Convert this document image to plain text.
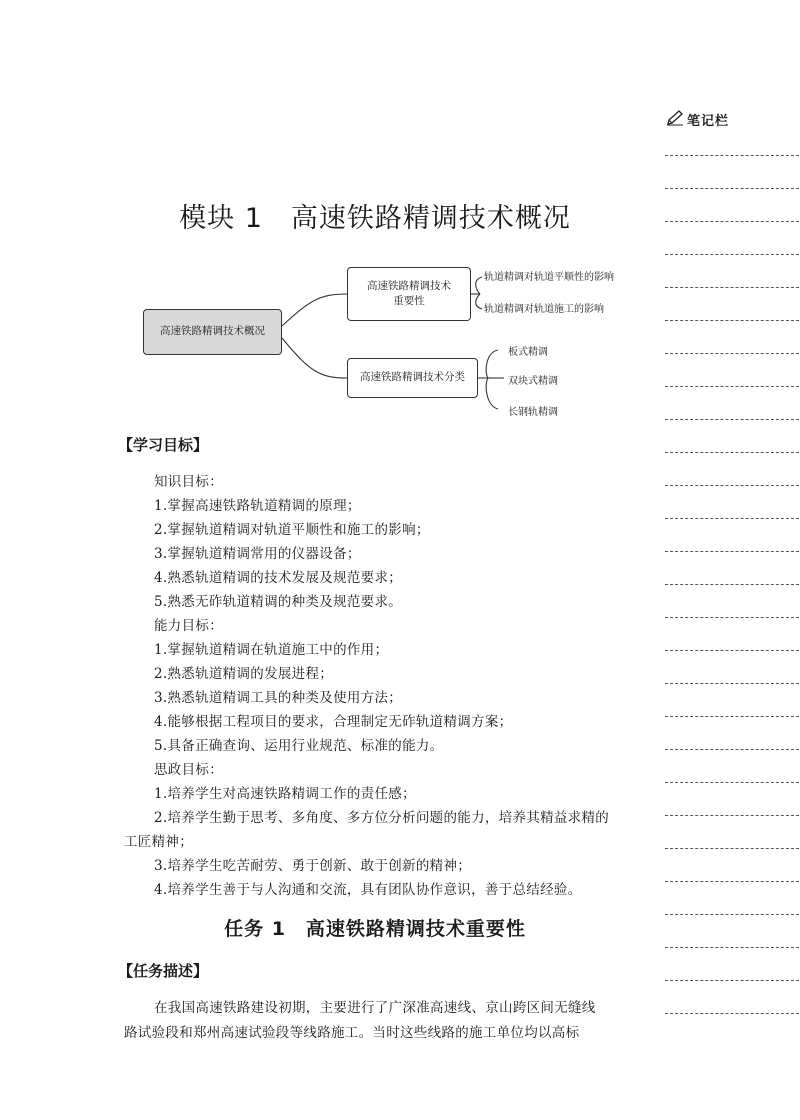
笔记栏
模块 1　高速铁路精调技术概况
高速铁路精调技术概况
高速铁路精调技术
重要性
高速铁路精调技术分类
轨道精调对轨道平顺性的影响
轨道精调对轨道施工的影响
板式精调
双块式精调
长钢轨精调
【学习目标】
知识目标：
1.掌握高速铁路轨道精调的原理；
2.掌握轨道精调对轨道平顺性和施工的影响；
3.掌握轨道精调常用的仪器设备；
4.熟悉轨道精调的技术发展及规范要求；
5.熟悉无砟轨道精调的种类及规范要求。
能力目标：
1.掌握轨道精调在轨道施工中的作用；
2.熟悉轨道精调的发展进程；
3.熟悉轨道精调工具的种类及使用方法；
4.能够根据工程项目的要求，合理制定无砟轨道精调方案；
5.具备正确查询、运用行业规范、标准的能力。
思政目标：
1.培养学生对高速铁路精调工作的责任感；
2.培养学生勤于思考、多角度、多方位分析问题的能力，培养其精益求精的
工匠精神；
3.培养学生吃苦耐劳、勇于创新、敢于创新的精神；
4.培养学生善于与人沟通和交流，具有团队协作意识，善于总结经验。
任务 1　高速铁路精调技术重要性
【任务描述】
在我国高速铁路建设初期，主要进行了广深准高速线、京山跨区间无缝线
路试验段和郑州高速试验段等线路施工。当时这些线路的施工单位均以高标
